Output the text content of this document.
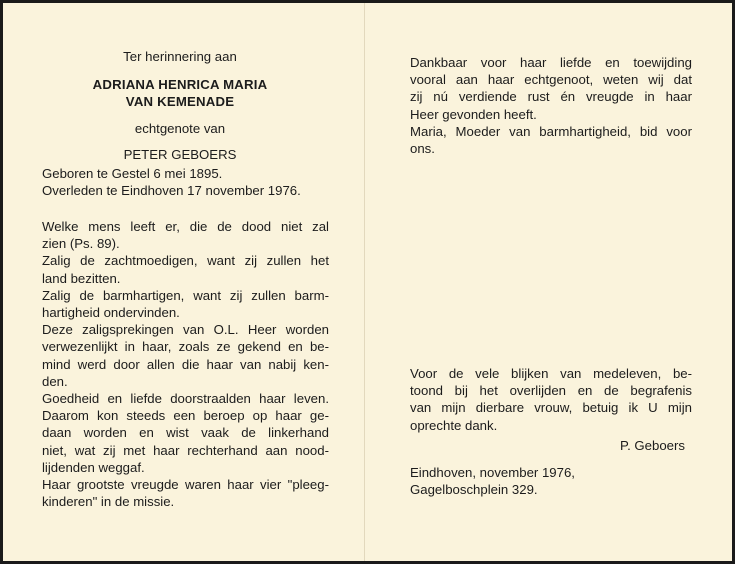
Ter herinnering aan
ADRIANA HENRICA MARIA
VAN KEMENADE
echtgenote van
PETER GEBOERS
Geboren te Gestel 6 mei 1895.
Overleden te Eindhoven 17 november 1976.
Welke mens leeft er, die de dood niet zal
zien (Ps. 89).
Zalig de zachtmoedigen, want zij zullen het
land bezitten.
Zalig de barmhartigen, want zij zullen barm-
hartigheid ondervinden.
Deze zaligsprekingen van O.L. Heer worden
verwezenlijkt in haar, zoals ze gekend en be-
mind werd door allen die haar van nabij ken-
den.
Goedheid en liefde doorstraalden haar leven.
Daarom kon steeds een beroep op haar ge-
daan worden en wist vaak de linkerhand
niet, wat zij met haar rechterhand aan nood-
lijdenden weggaf.
Haar grootste vreugde waren haar vier "pleeg-
kinderen" in de missie.
Dankbaar voor haar liefde en toewijding
vooral aan haar echtgenoot, weten wij dat
zij nú verdiende rust én vreugde in haar
Heer gevonden heeft.
Maria, Moeder van barmhartigheid, bid voor
ons.
Voor de vele blijken van medeleven, be-
toond bij het overlijden en de begrafenis
van mijn dierbare vrouw, betuig ik U mijn
oprechte dank.
P. Geboers
Eindhoven, november 1976,
Gagelboschplein 329.
